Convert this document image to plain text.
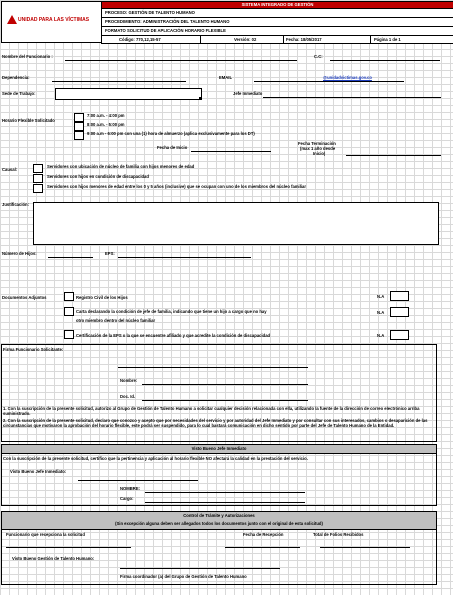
UNIDAD PARA LAS VÍCTIMAS
SISTEMA INTEGRADO DE GESTIÓN
PROCESO: GESTIÓN DE TALENTO HUMANO
PROCEDIMIENTO: ADMINISTRACIÓN DEL TALENTO HUMANO
FORMATO SOLICITUD DE APLICACIÓN HORARIO FLEXIBLE
Código: 770,12,15-57	Versión: 02	Fecha: 18/05/2017	Página 1 de 1
Nombre del Funcionario :	C.C:
Dependencia:	EMAIL	@unidadvictimas.gov.co
Sede de Trabajo:	Jefe Inmediato
Horario Flexible Solicitado
7:00 a.m. - 4:00 pm
8:00 a.m. - 5:00 pm
9:00 a.m - 6:00 pm con una (1) hora de almuerzo (aplica exclusivamente para los DT)
Fecha de Inicio
Fecha Terminación
(max 1 año desde
Inicio)
Causal:
Servidores con ubicación de núcleo de familia con hijos menores de edad
Servidores con hijos en condición de discapacidad
Servidores con hijos menores de edad entre los 0 y 5 años (inclusive) que se ocupan con uno de los miembros del núcleo familiar
Justificación:
Número de Hijos:	EPS:
Documentos Adjuntos	Registro Civil de los Hijos	N.A
Carta declarando la condición de jefe de familia, indicando que tiene un hijo a cargo que no hay
otro miembro dentro del núcleo familiar
N.A
Certificación de la EPS o la que se encuentre afiliado y que acredite la condición de discapacidad	N.A
Firma Funcionario Solicitante:
Nombre:
Doc. Id.
1. Con la suscripción de la presente solicitud, autorizo al Grupo de Gestión de Talento Humano a solicitar cualquier decisión relacionada con ella, utilizando la fuente de la dirección de correo electrónico arriba suministrado.
2. Con la suscripción de la presente solicitud, declaro que conozco y acepto que por necesidades del servicio y por autoridad del Jefe Inmediato y por consultar con sus interesados, cambios o desaparición de las circunstancias que motivaron la aprobación del horario flexible, este podrá ser suspendido, para lo cual bastará comunicación en dicho sentido por parte del Jefe de Talento Humano de la Entidad.
Visto Bueno Jefe Inmediato
Con la suscripción de la presente solicitud, certifico que la pertinencia y aplicación al horario flexible NO afectará la calidad en la prestación del servicio.
Visto Bueno Jefe Inmediato:
NOMBRE:
Cargo:
Control de Trámite y Autorizaciones
(Sin excepción alguna deben ser allegados todos los documentos junto con el original de esta solicitud)
Funcionario que recepciona la solicitud	Fecha de Recepción	Total de Folios Recibidos
Visto Bueno Gestión de Talento Humano:
Firma coordinador (a) del Grupo de Gestión de Talento Humano
